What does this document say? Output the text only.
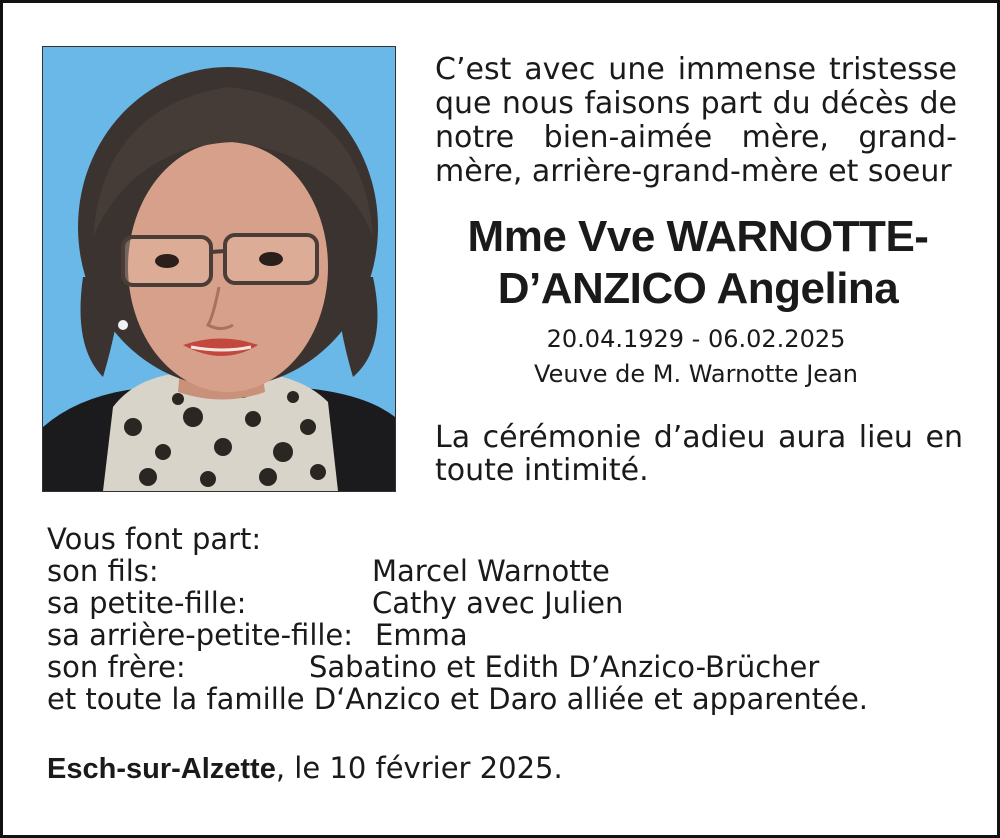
C’est avec une immense tristesse
que nous faisons part du décès de
notre bien-aimée mère, grand-
mère, arrière-grand-mère et soeur
Mme Vve WARNOTTE-
D’ANZICO Angelina
20.04.1929 - 06.02.2025
Veuve de M. Warnotte Jean
La cérémonie d’adieu aura lieu en
toute intimité.
Vous font part:
son fils:	Marcel Warnotte
sa petite-fille:	Cathy avec Julien
sa arrière-petite-fille: Emma
son frère:	Sabatino et Edith D’Anzico-Brücher
et toute la famille D‘Anzico et Daro alliée et apparentée.
Esch-sur-Alzette, le 10 février 2025.
